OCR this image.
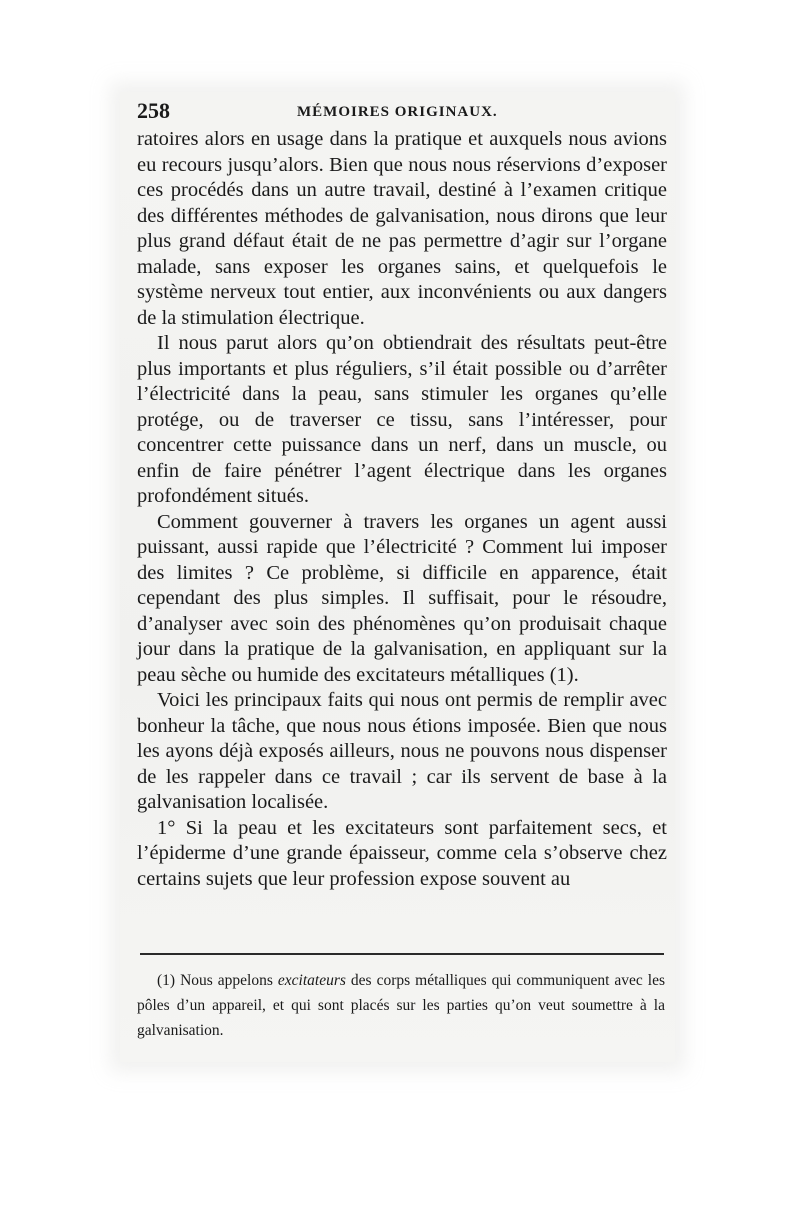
258	MÉMOIRES ORIGINAUX.

ratoires alors en usage dans la pratique et auxquels nous avions eu recours jusqu’alors. Bien que nous nous réservions d’exposer ces procédés dans un autre travail, destiné à l’examen critique des différentes méthodes de galvanisation, nous dirons que leur plus grand défaut était de ne pas permettre d’agir sur l’organe malade, sans exposer les organes sains, et quelquefois le système nerveux tout entier, aux inconvénients ou aux dangers de la stimulation électrique.

Il nous parut alors qu’on obtiendrait des résultats peut-être plus importants et plus réguliers, s’il était possible ou d’arrêter l’électricité dans la peau, sans stimuler les organes qu’elle protége, ou de traverser ce tissu, sans l’intéresser, pour concentrer cette puissance dans un nerf, dans un muscle, ou enfin de faire pénétrer l’agent électrique dans les organes profondément situés.

Comment gouverner à travers les organes un agent aussi puissant, aussi rapide que l’électricité ? Comment lui imposer des limites ? Ce problème, si difficile en apparence, était cependant des plus simples. Il suffisait, pour le résoudre, d’analyser avec soin des phénomènes qu’on produisait chaque jour dans la pratique de la galvanisation, en appliquant sur la peau sèche ou humide des excitateurs métalliques (1).

Voici les principaux faits qui nous ont permis de remplir avec bonheur la tâche, que nous nous étions imposée. Bien que nous les ayons déjà exposés ailleurs, nous ne pouvons nous dispenser de les rappeler dans ce travail ; car ils servent de base à la galvanisation localisée.

1° Si la peau et les excitateurs sont parfaitement secs, et l’épiderme d’une grande épaisseur, comme cela s’observe chez certains sujets que leur profession expose souvent au

(1) Nous appelons excitateurs des corps métalliques qui communiquent avec les pôles d’un appareil, et qui sont placés sur les parties qu’on veut soumettre à la galvanisation.
